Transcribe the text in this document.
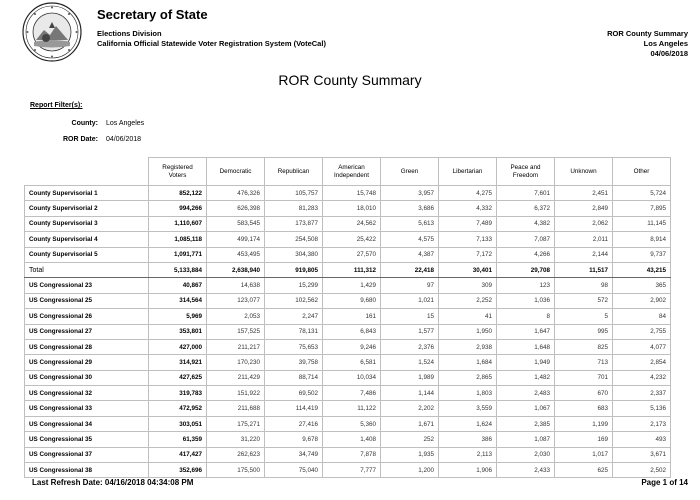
Secretary of State
Elections Division
California Official Statewide Voter Registration System (VoteCal)
ROR County Summary
Los Angeles
04/06/2018
ROR County Summary
Report Filter(s):
County: Los Angeles
ROR Date: 04/06/2018
	Registered Voters	Democratic	Republican	American Independent	Green	Libertarian	Peace and Freedom	Unknown	Other
County Supervisorial 1	852,122	476,326	105,757	15,748	3,957	4,275	7,601	2,451	5,724
County Supervisorial 2	994,266	626,398	81,283	18,010	3,686	4,332	6,372	2,849	7,895
County Supervisorial 3	1,110,607	583,545	173,877	24,562	5,613	7,489	4,382	2,062	11,145
County Supervisorial 4	1,085,118	499,174	254,508	25,422	4,575	7,133	7,087	2,011	8,914
County Supervisorial 5	1,091,771	453,495	304,380	27,570	4,387	7,172	4,266	2,144	9,737
Total	5,133,884	2,638,940	919,805	111,312	22,418	30,401	29,708	11,517	43,215
US Congressional 23	40,867	14,638	15,299	1,429	97	309	123	98	365
US Congressional 25	314,564	123,077	102,562	9,680	1,021	2,252	1,036	572	2,902
US Congressional 26	5,969	2,053	2,247	161	15	41	8	5	84
US Congressional 27	353,801	157,525	78,131	6,843	1,577	1,950	1,647	995	2,755
US Congressional 28	427,000	211,217	75,653	9,246	2,376	2,938	1,648	825	4,077
US Congressional 29	314,921	170,230	39,758	6,581	1,524	1,684	1,949	713	2,854
US Congressional 30	427,625	211,429	88,714	10,034	1,989	2,865	1,482	701	4,232
US Congressional 32	319,783	151,922	69,502	7,486	1,144	1,803	2,483	670	2,337
US Congressional 33	472,952	211,688	114,419	11,122	2,202	3,559	1,067	683	5,136
US Congressional 34	303,051	175,271	27,416	5,360	1,671	1,624	2,385	1,199	2,173
US Congressional 35	61,359	31,220	9,678	1,408	252	386	1,087	169	493
US Congressional 37	417,427	262,623	34,749	7,878	1,935	2,113	2,030	1,017	3,671
US Congressional 38	352,696	175,500	75,040	7,777	1,200	1,906	2,433	625	2,502
Last Refresh Date: 04/16/2018 04:34:08 PM	Page 1 of 14
